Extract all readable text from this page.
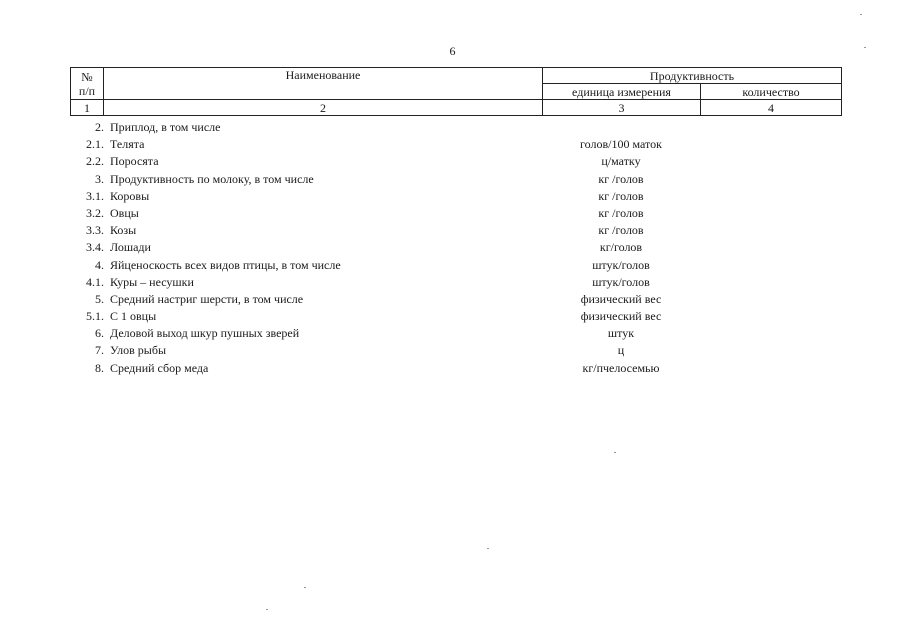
6
№
п/п	Наименование	Продуктивность	
		единица измерения	количество
1	2	3	4
2. Приплод, в том числе
2.1. Телята	голов/100 маток
2.2. Поросята	ц/матку
3. Продуктивность по молоку, в том числе	кг /голов
3.1. Коровы	кг /голов
3.2. Овцы	кг /голов
3.3. Козы	кг /голов
3.4. Лошади	кг/голов
4. Яйценоскость всех видов птицы, в том числе	штук/голов
4.1. Куры – несушки	штук/голов
5. Средний настриг шерсти, в том числе	физический вес
5.1. С 1 овцы	физический вес
6. Деловой выход шкур пушных зверей	штук
7. Улов рыбы	ц
8. Средний сбор меда	кг/пчелосемью
